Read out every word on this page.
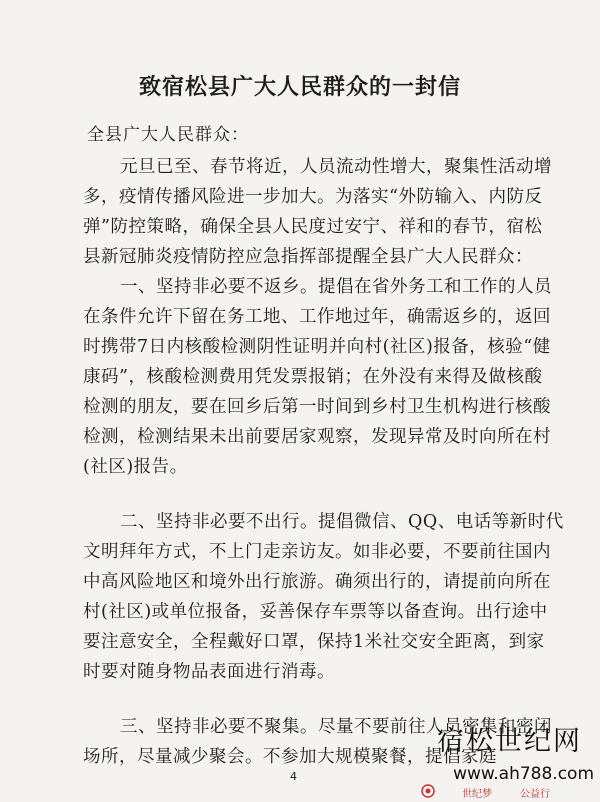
致宿松县广大人民群众的一封信
全县广大人民群众：
元旦已至、春节将近，人员流动性增大，聚集性活动增
多，疫情传播风险进一步加大。为落实“外防输入、内防反
弹”防控策略，确保全县人民度过安宁、祥和的春节，宿松
县新冠肺炎疫情防控应急指挥部提醒全县广大人民群众：
一、坚持非必要不返乡。提倡在省外务工和工作的人员
在条件允许下留在务工地、工作地过年，确需返乡的，返回
时携带7日内核酸检测阴性证明并向村(社区)报备，核验“健
康码”，核酸检测费用凭发票报销；在外没有来得及做核酸
检测的朋友，要在回乡后第一时间到乡村卫生机构进行核酸
检测，检测结果未出前要居家观察，发现异常及时向所在村
(社区)报告。
二、坚持非必要不出行。提倡微信、QQ、电话等新时代
文明拜年方式，不上门走亲访友。如非必要，不要前往国内
中高风险地区和境外出行旅游。确须出行的，请提前向所在
村(社区)或单位报备，妥善保存车票等以备查询。出行途中
要注意安全，全程戴好口罩，保持1米社交安全距离，到家
时要对随身物品表面进行消毒。
三、坚持非必要不聚集。尽量不要前往人员密集和密闭
场所，尽量减少聚会。不参加大规模聚餐，提倡家庭
4
宿松世纪网
www.ah788.com
世纪梦	公益行
